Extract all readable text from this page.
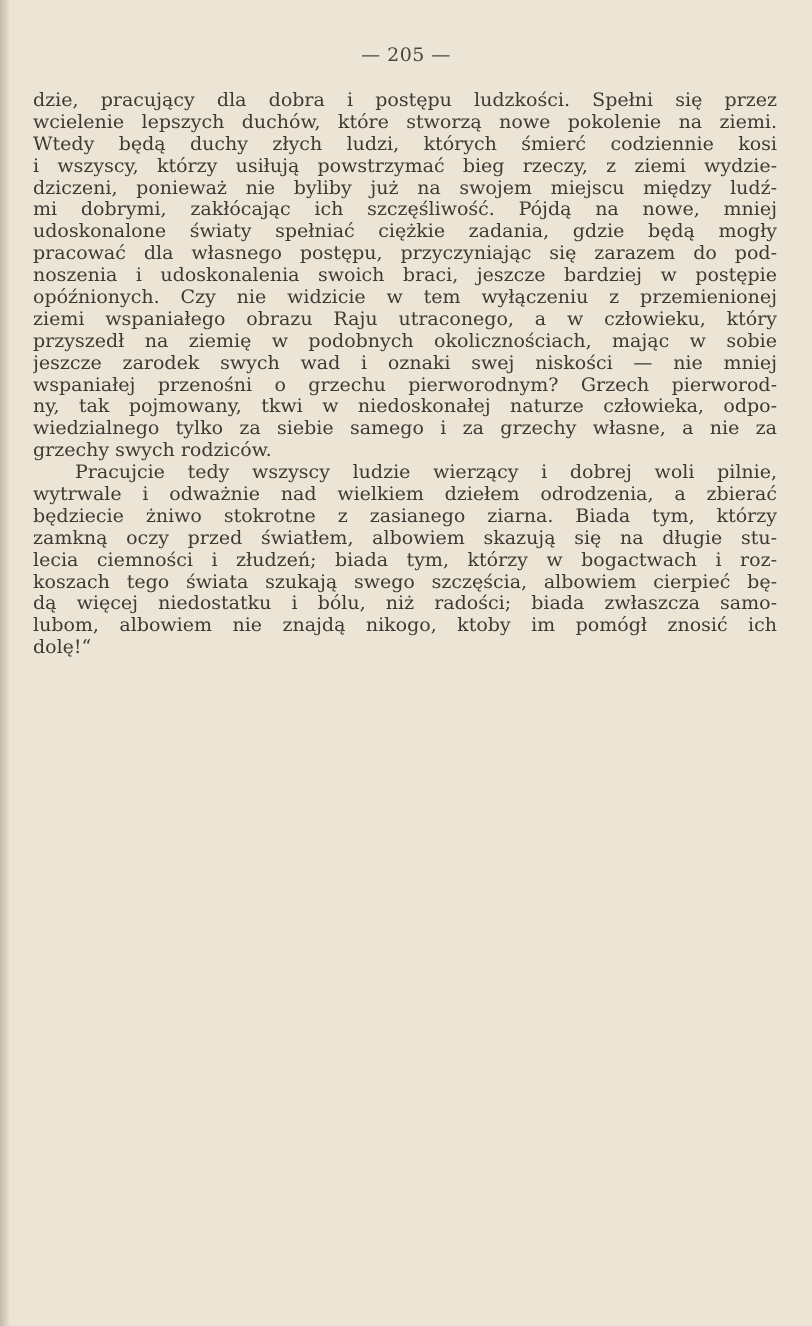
— 205 —
dzie, pracujący dla dobra i postępu ludzkości. Spełni się przez
wcielenie lepszych duchów, które stworzą nowe pokolenie na ziemi.
Wtedy będą duchy złych ludzi, których śmierć codziennie kosi
i wszyscy, którzy usiłują powstrzymać bieg rzeczy, z ziemi wydzie-
dziczeni, ponieważ nie byliby już na swojem miejscu między ludź-
mi dobrymi, zakłócając ich szczęśliwość. Pójdą na nowe, mniej
udoskonalone światy spełniać ciężkie zadania, gdzie będą mogły
pracować dla własnego postępu, przyczyniając się zarazem do pod-
noszenia i udoskonalenia swoich braci, jeszcze bardziej w postępie
opóźnionych. Czy nie widzicie w tem wyłączeniu z przemienionej
ziemi wspaniałego obrazu Raju utraconego, a w człowieku, który
przyszedł na ziemię w podobnych okolicznościach, mając w sobie
jeszcze zarodek swych wad i oznaki swej niskości — nie mniej
wspaniałej przenośni o grzechu pierworodnym? Grzech pierworod-
ny, tak pojmowany, tkwi w niedoskonałej naturze człowieka, odpo-
wiedzialnego tylko za siebie samego i za grzechy własne, a nie za
grzechy swych rodziców.
Pracujcie tedy wszyscy ludzie wierzący i dobrej woli pilnie,
wytrwale i odważnie nad wielkiem dziełem odrodzenia, a zbierać
będziecie żniwo stokrotne z zasianego ziarna. Biada tym, którzy
zamkną oczy przed światłem, albowiem skazują się na długie stu-
lecia ciemności i złudzeń; biada tym, którzy w bogactwach i roz-
koszach tego świata szukają swego szczęścia, albowiem cierpieć bę-
dą więcej niedostatku i bólu, niż radości; biada zwłaszcza samo-
lubom, albowiem nie znajdą nikogo, ktoby im pomógł znosić ich
dolę!“
